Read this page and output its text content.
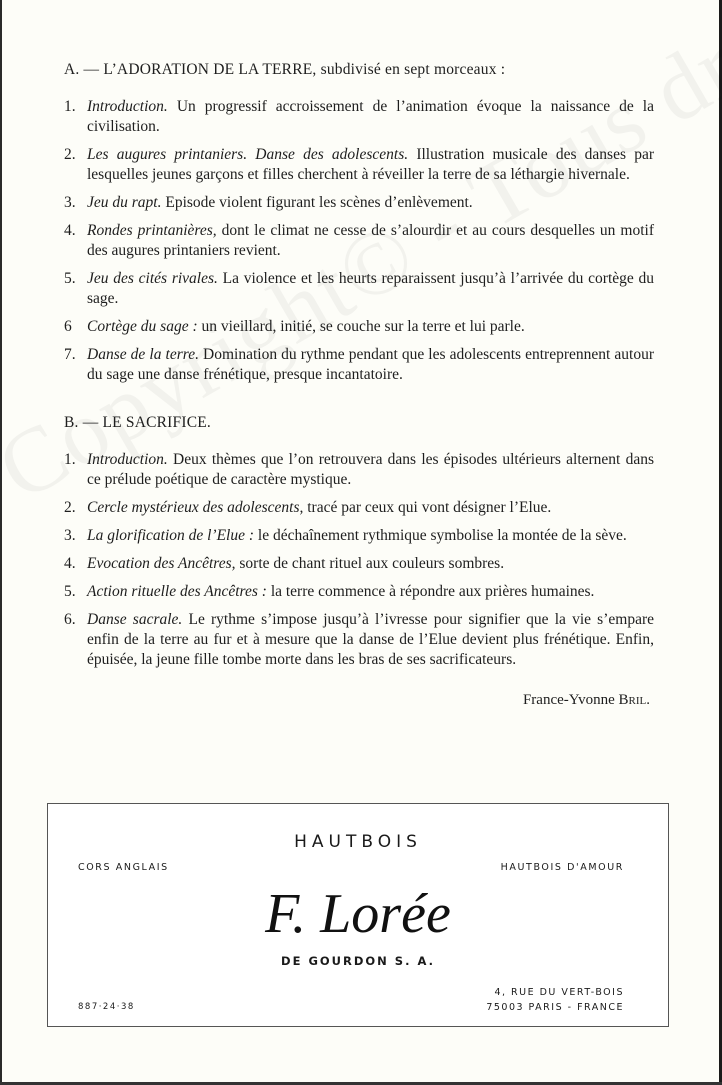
A. — L’ADORATION DE LA TERRE, subdivisé en sept morceaux :
1. Introduction. Un progressif accroissement de l’animation évoque la naissance de la civilisation.
2. Les augures printaniers. Danse des adolescents. Illustration musicale des danses par lesquelles jeunes garçons et filles cherchent à réveiller la terre de sa léthargie hivernale.
3. Jeu du rapt. Episode violent figurant les scènes d’enlèvement.
4. Rondes printanières, dont le climat ne cesse de s’alourdir et au cours desquelles un motif des augures printaniers revient.
5. Jeu des cités rivales. La violence et les heurts reparaissent jusqu’à l’arrivée du cortège du sage.
6 Cortège du sage : un vieillard, initié, se couche sur la terre et lui parle.
7. Danse de la terre. Domination du rythme pendant que les adolescents entreprennent autour du sage une danse frénétique, presque incantatoire.
B. — LE SACRIFICE.
1. Introduction. Deux thèmes que l’on retrouvera dans les épisodes ultérieurs alternent dans ce prélude poétique de caractère mystique.
2. Cercle mystérieux des adolescents, tracé par ceux qui vont désigner l’Elue.
3. La glorification de l’Elue : le déchaînement rythmique symbolise la montée de la sève.
4. Evocation des Ancêtres, sorte de chant rituel aux couleurs sombres.
5. Action rituelle des Ancêtres : la terre commence à répondre aux prières humaines.
6. Danse sacrale. Le rythme s’impose jusqu’à l’ivresse pour signifier que la vie s’empare enfin de la terre au fur et à mesure que la danse de l’Elue devient plus frénétique. Enfin, épuisée, la jeune fille tombe morte dans les bras de ses sacrificateurs.
France-Yvonne Bril.
HAUTBOIS
CORS ANGLAIS	HAUTBOIS D'AMOUR
F. Lorée
DE GOURDON S. A.
4, RUE DU VERT-BOIS
75003 PARIS - FRANCE
887·24·38
